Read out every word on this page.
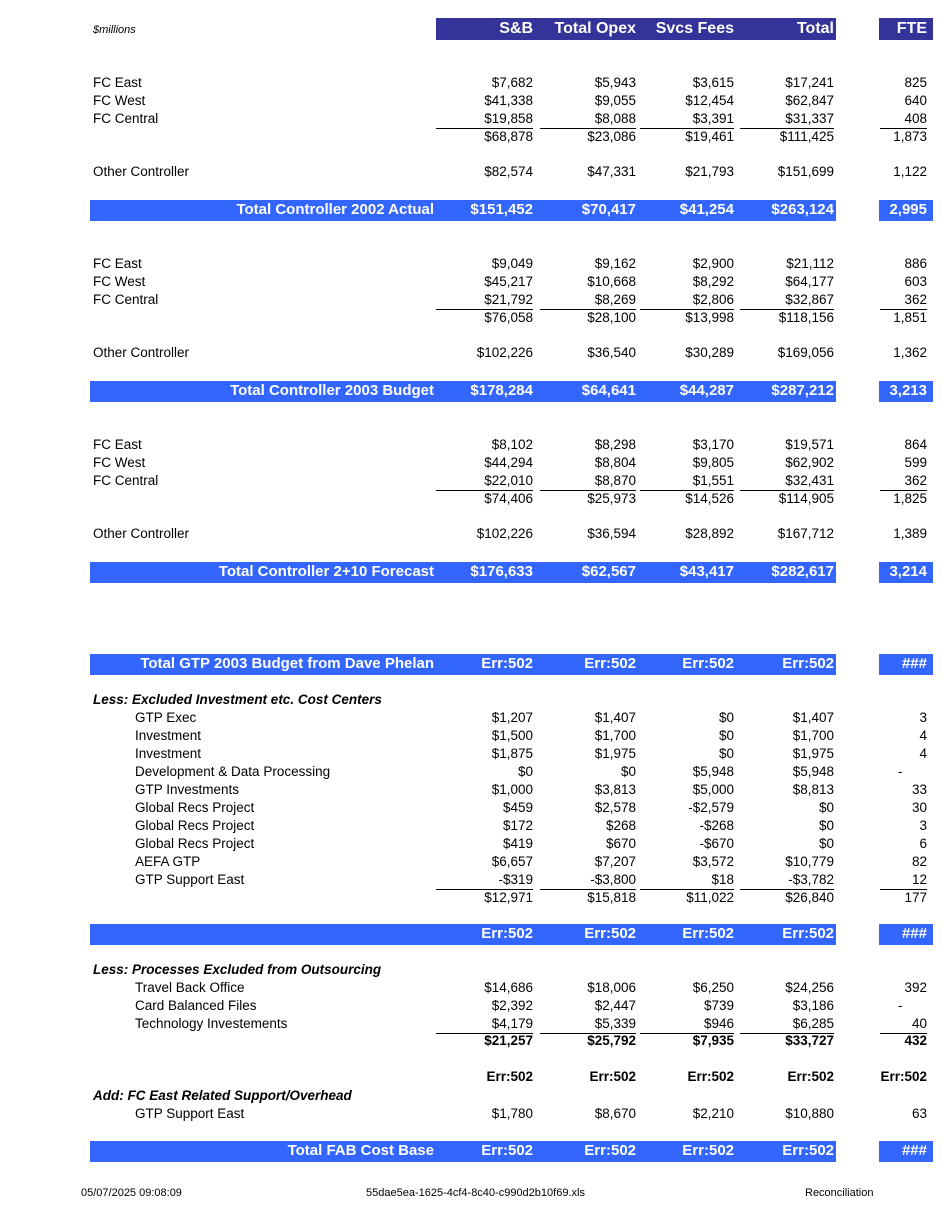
$millions	S&B	Total Opex	Svcs Fees	Total	FTE
FC East	$7,682	$5,943	$3,615	$17,241	825
FC West	$41,338	$9,055	$12,454	$62,847	640
FC Central	$19,858	$8,088	$3,391	$31,337	408
$68,878	$23,086	$19,461	$111,425	1,873
Other Controller	$82,574	$47,331	$21,793	$151,699	1,122
Total Controller 2002 Actual	$151,452	$70,417	$41,254	$263,124	2,995
FC East	$9,049	$9,162	$2,900	$21,112	886
FC West	$45,217	$10,668	$8,292	$64,177	603
FC Central	$21,792	$8,269	$2,806	$32,867	362
$76,058	$28,100	$13,998	$118,156	1,851
Other Controller	$102,226	$36,540	$30,289	$169,056	1,362
Total Controller 2003 Budget	$178,284	$64,641	$44,287	$287,212	3,213
FC East	$8,102	$8,298	$3,170	$19,571	864
FC West	$44,294	$8,804	$9,805	$62,902	599
FC Central	$22,010	$8,870	$1,551	$32,431	362
$74,406	$25,973	$14,526	$114,905	1,825
Other Controller	$102,226	$36,594	$28,892	$167,712	1,389
Total Controller 2+10 Forecast	$176,633	$62,567	$43,417	$282,617	3,214
Total GTP 2003 Budget from Dave Phelan	Err:502	Err:502	Err:502	Err:502	###
Less: Excluded Investment etc. Cost Centers
GTP Exec	$1,207	$1,407	$0	$1,407	3
Investment	$1,500	$1,700	$0	$1,700	4
Investment	$1,875	$1,975	$0	$1,975	4
Development & Data Processing	$0	$0	$5,948	$5,948	-
GTP Investments	$1,000	$3,813	$5,000	$8,813	33
Global Recs Project	$459	$2,578	-$2,579	$0	30
Global Recs Project	$172	$268	-$268	$0	3
Global Recs Project	$419	$670	-$670	$0	6
AEFA GTP	$6,657	$7,207	$3,572	$10,779	82
GTP Support East	-$319	-$3,800	$18	-$3,782	12
$12,971	$15,818	$11,022	$26,840	177
Err:502	Err:502	Err:502	Err:502	###
Less: Processes Excluded from Outsourcing
Travel Back Office	$14,686	$18,006	$6,250	$24,256	392
Card Balanced Files	$2,392	$2,447	$739	$3,186	-
Technology Investements	$4,179	$5,339	$946	$6,285	40
$21,257	$25,792	$7,935	$33,727	432
Err:502	Err:502	Err:502	Err:502	Err:502
Add: FC East Related Support/Overhead
GTP Support East	$1,780	$8,670	$2,210	$10,880	63
Total FAB Cost Base	Err:502	Err:502	Err:502	Err:502	###
05/07/2025 09:08:09	55dae5ea-1625-4cf4-8c40-c990d2b10f69.xls	Reconciliation
